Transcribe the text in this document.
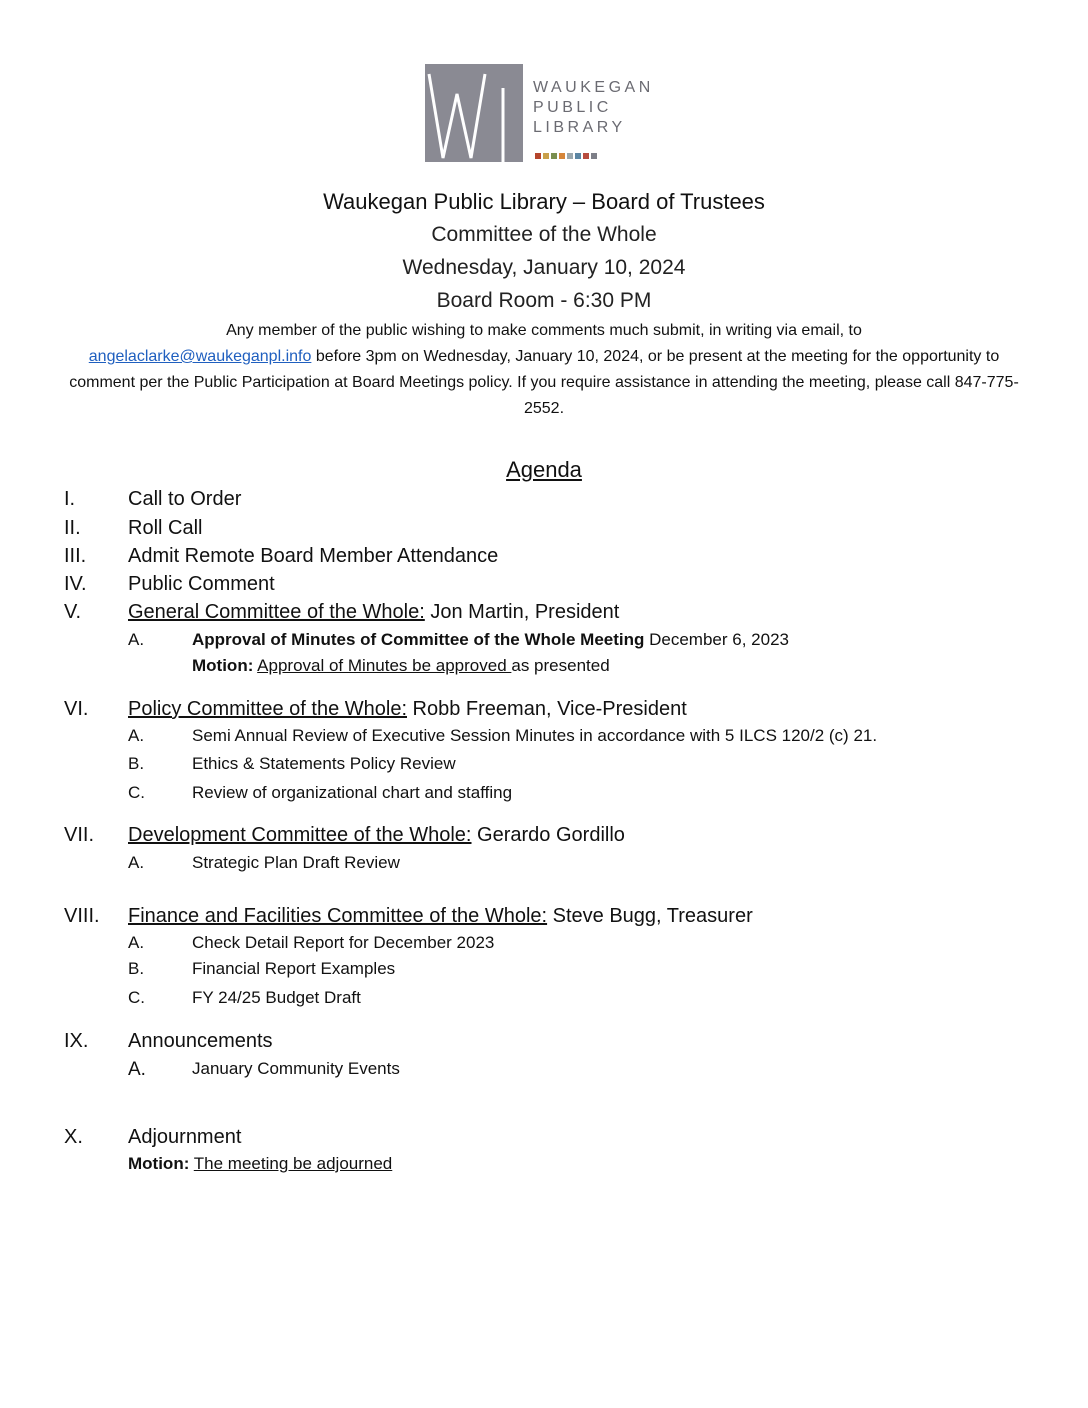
WAUKEGAN
PUBLIC
LIBRARY
Waukegan Public Library – Board of Trustees
Committee of the Whole
Wednesday, January 10, 2024
Board Room - 6:30 PM
Any member of the public wishing to make comments much submit, in writing via email, to
angelaclarke@waukeganpl.info before 3pm on Wednesday, January 10, 2024, or be present at the meeting for the opportunity to comment per the Public Participation at Board Meetings policy. If you require assistance in attending the meeting, please call 847-775-2552.
Agenda
I.	Call to Order
II. Roll Call
III. Admit Remote Board Member Attendance
IV. Public Comment
V. General Committee of the Whole: Jon Martin, President
A.	Approval of Minutes of Committee of the Whole Meeting December 6, 2023
Motion: Approval of Minutes be approved as presented
VI. Policy Committee of the Whole: Robb Freeman, Vice-President
A.	Semi Annual Review of Executive Session Minutes in accordance with 5 ILCS 120/2 (c) 21.
B.	Ethics & Statements Policy Review
C.	Review of organizational chart and staffing
VII. Development Committee of the Whole: Gerardo Gordillo
A.	Strategic Plan Draft Review
VIII. Finance and Facilities Committee of the Whole: Steve Bugg, Treasurer
A.	Check Detail Report for December 2023
B.	Financial Report Examples
C.	FY 24/25 Budget Draft
IX. Announcements
A.	January Community Events
X. Adjournment
Motion: The meeting be adjourned
